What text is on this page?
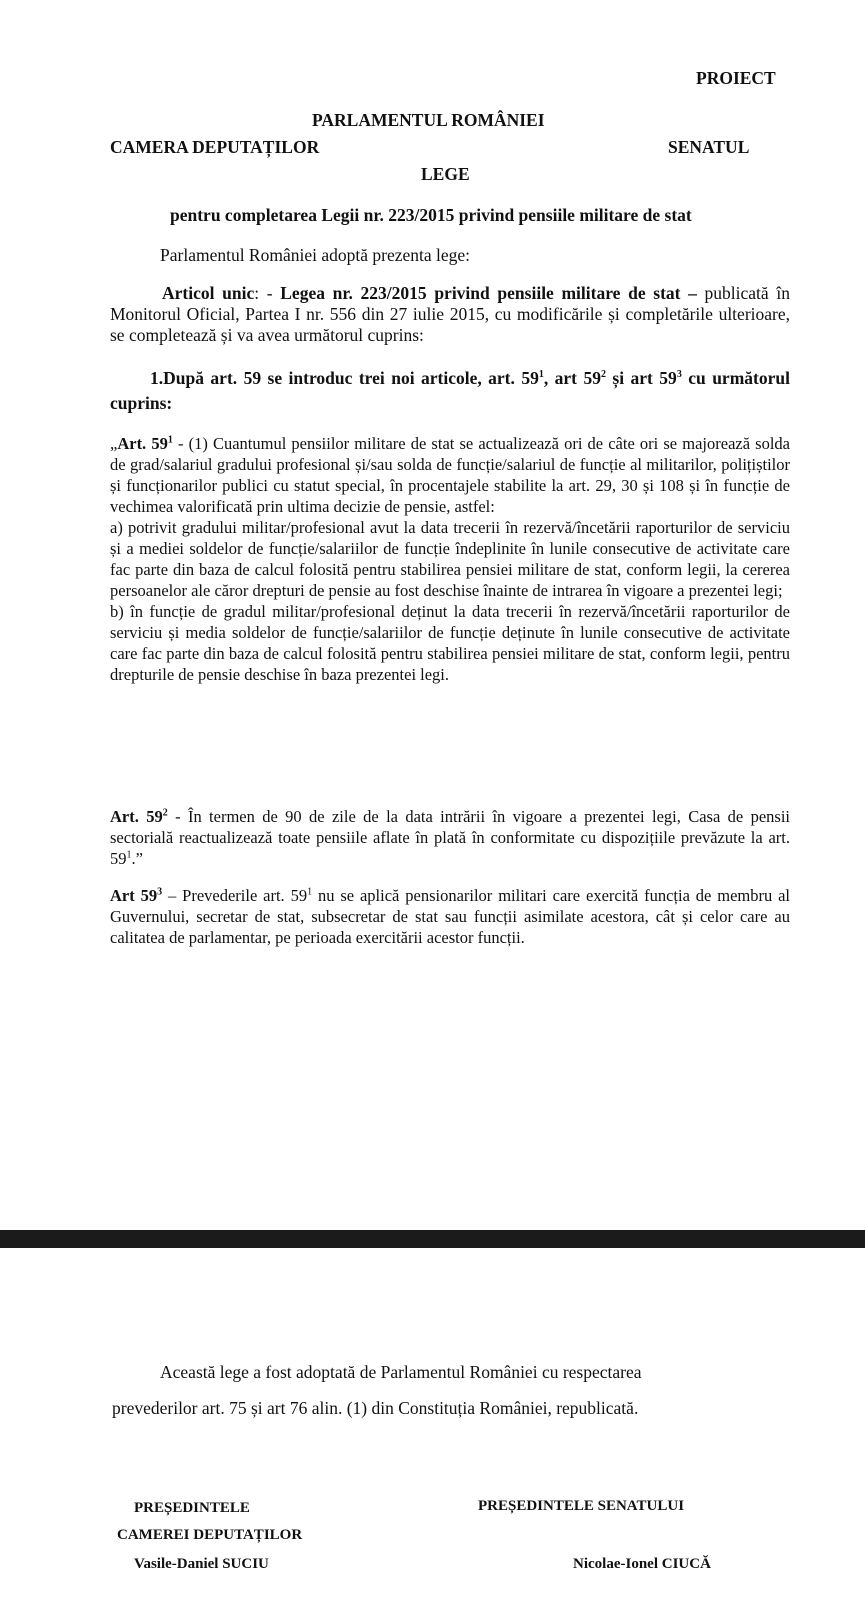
PROIECT
PARLAMENTUL ROMÂNIEI
CAMERA DEPUTAȚILOR	SENATUL
LEGE
pentru completarea Legii nr. 223/2015 privind pensiile militare de stat
Parlamentul României adoptă prezenta lege:
Articol unic: - Legea nr. 223/2015 privind pensiile militare de stat – publicată în Monitorul Oficial, Partea I nr. 556 din 27 iulie 2015, cu modificările și completările ulterioare, se completează și va avea următorul cuprins:
1.După art. 59 se introduc trei noi articole, art. $59^1$, art $59^2$ și art $59^3$ cu următorul cuprins:
„Art. $59^1 - (1)$ Cuantumul pensiilor militare de stat se actualizează ori de câte ori se majorează solda de grad/salariul gradului profesional și/sau solda de funcție/salariul de funcție al militarilor, polițiștilor și funcționarilor publici cu statut special, în procentajele stabilite la art. 29, 30 și 108 și în funcție de vechimea valorificată prin ultima decizie de pensie, astfel:
a) potrivit gradului militar/profesional avut la data trecerii în rezervă/încetării raporturilor de serviciu și a mediei soldelor de funcție/salariilor de funcție îndeplinite în lunile consecutive de activitate care fac parte din baza de calcul folosită pentru stabilirea pensiei militare de stat, conform legii, la cererea persoanelor ale căror drepturi de pensie au fost deschise înainte de intrarea în vigoare a prezentei legi;
b) în funcție de gradul militar/profesional deținut la data trecerii în rezervă/încetării raporturilor de serviciu și media soldelor de funcție/salariilor de funcție deținute în lunile consecutive de activitate care fac parte din baza de calcul folosită pentru stabilirea pensiei militare de stat, conform legii, pentru drepturile de pensie deschise în baza prezentei legi.
Art. $59^2$ - În termen de 90 de zile de la data intrării în vigoare a prezentei legi, Casa de pensii sectorială reactualizează toate pensiile aflate în plată în conformitate cu dispozițiile prevăzute la art. $59^1$.”
Art $59^3$ – Prevederile art. $59^1$ nu se aplică pensionarilor militari care exercită funcția de membru al Guvernului, secretar de stat, subsecretar de stat sau funcții asimilate acestora, cât și celor care au calitatea de parlamentar, pe perioada exercitării acestor funcții.
Această lege a fost adoptată de Parlamentul României cu respectarea
prevederilor art. 75 și art 76 alin. (1) din Constituția României, republicată.
PREȘEDINTELE
CAMEREI DEPUTAȚILOR
Vasile-Daniel SUCIU
PREȘEDINTELE SENATULUI
Nicolae-Ionel CIUCĂ
